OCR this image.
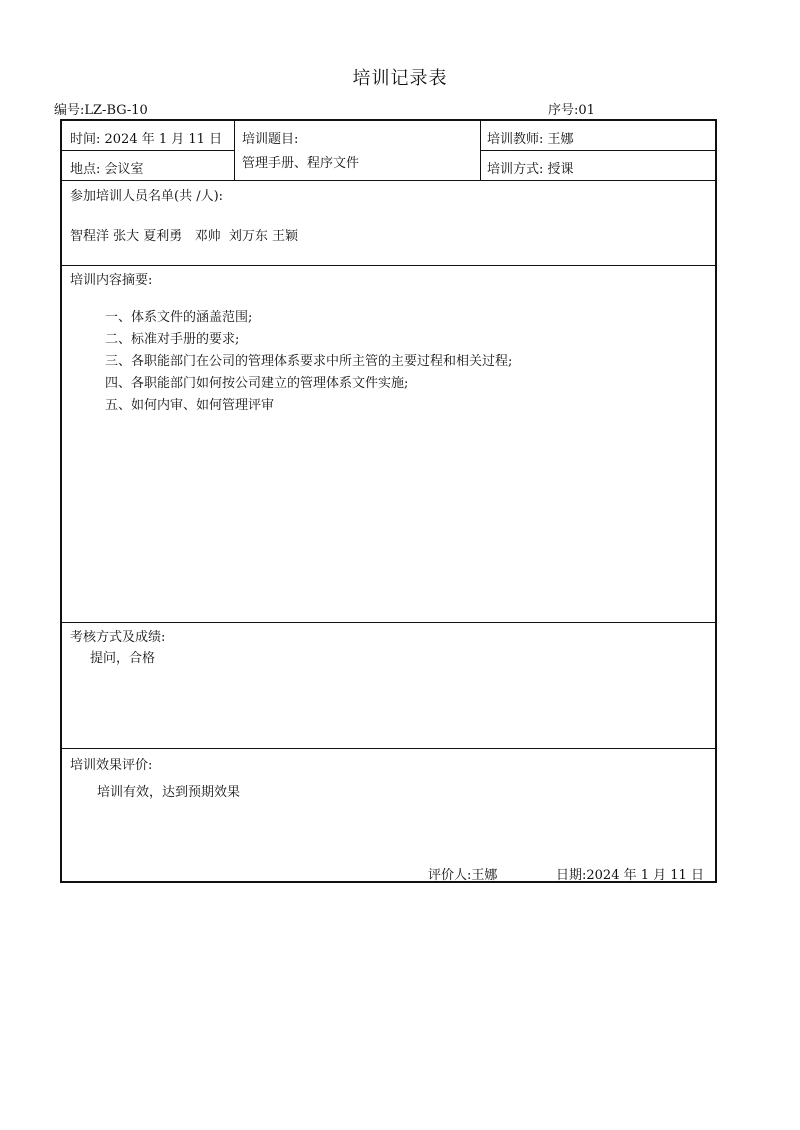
培训记录表
编号:LZ-BG-10	序号:01
时间: 2024 年 1 月 11 日
地点: 会议室
培训题目:
管理手册、程序文件
培训教师: 王娜
培训方式: 授课
参加培训人员名单(共 /人):
智程洋 张大 夏利勇   邓帅  刘万东 王颖
培训内容摘要:
一、体系文件的涵盖范围;
二、标准对手册的要求;
三、各职能部门在公司的管理体系要求中所主管的主要过程和相关过程;
四、各职能部门如何按公司建立的管理体系文件实施;
五、如何内审、如何管理评审
考核方式及成绩:
提问，合格
培训效果评价:
培训有效，达到预期效果
评价人:王娜	日期:2024 年 1 月 11 日
